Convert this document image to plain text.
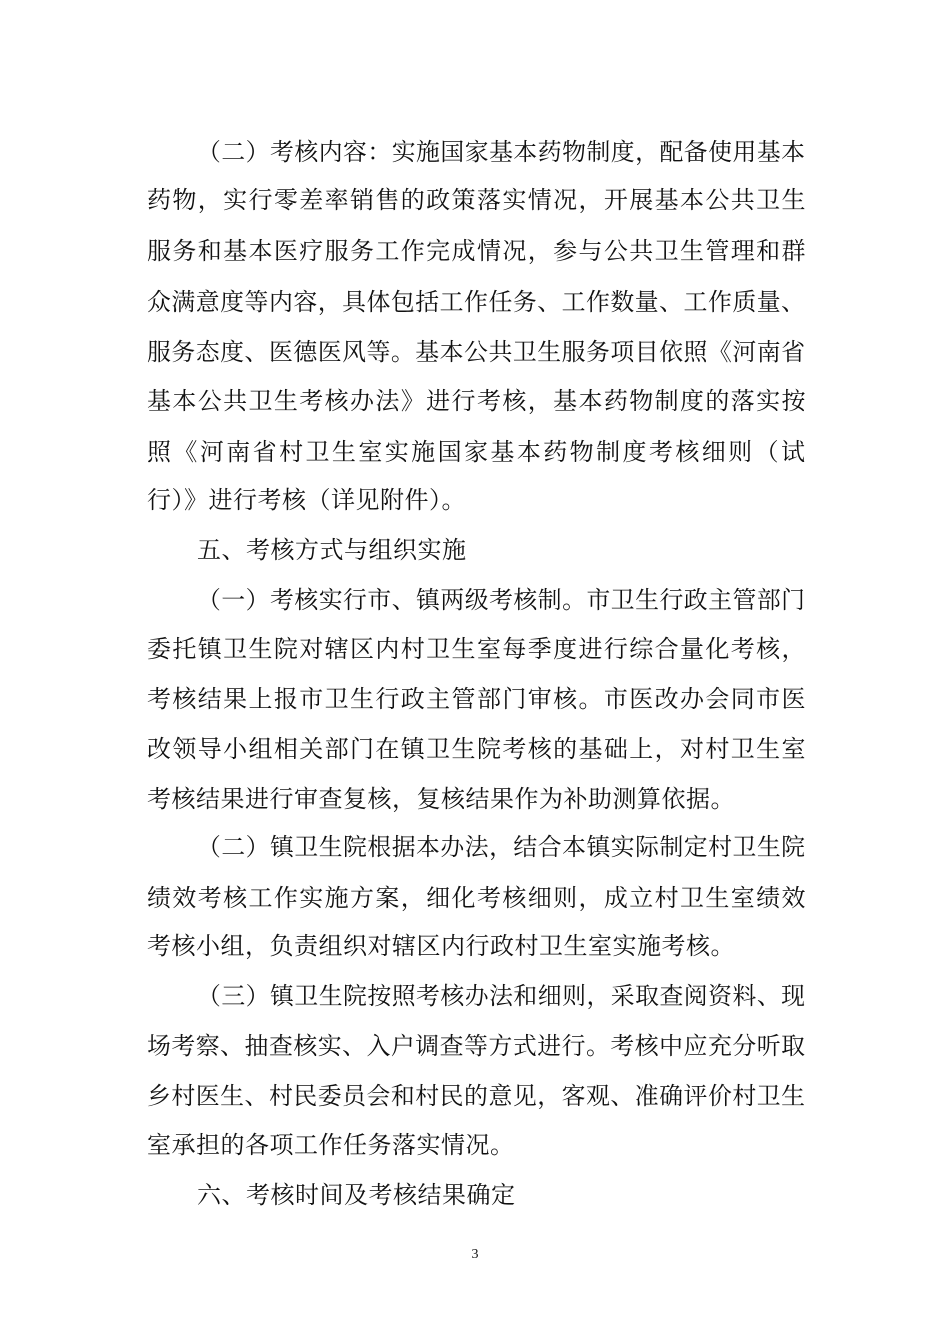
（二）考核内容：实施国家基本药物制度，配备使用基本
药物，实行零差率销售的政策落实情况，开展基本公共卫生
服务和基本医疗服务工作完成情况，参与公共卫生管理和群
众满意度等内容，具体包括工作任务、工作数量、工作质量、
服务态度、医德医风等。基本公共卫生服务项目依照《河南省
基本公共卫生考核办法》进行考核，基本药物制度的落实按
照《河南省村卫生室实施国家基本药物制度考核细则（试
行）》进行考核（详见附件）。
五、考核方式与组织实施
（一）考核实行市、镇两级考核制。市卫生行政主管部门
委托镇卫生院对辖区内村卫生室每季度进行综合量化考核，
考核结果上报市卫生行政主管部门审核。市医改办会同市医
改领导小组相关部门在镇卫生院考核的基础上，对村卫生室
考核结果进行审查复核，复核结果作为补助测算依据。
（二）镇卫生院根据本办法，结合本镇实际制定村卫生院
绩效考核工作实施方案，细化考核细则，成立村卫生室绩效
考核小组，负责组织对辖区内行政村卫生室实施考核。
（三）镇卫生院按照考核办法和细则，采取查阅资料、现
场考察、抽查核实、入户调查等方式进行。考核中应充分听取
乡村医生、村民委员会和村民的意见，客观、准确评价村卫生
室承担的各项工作任务落实情况。
六、考核时间及考核结果确定
3
